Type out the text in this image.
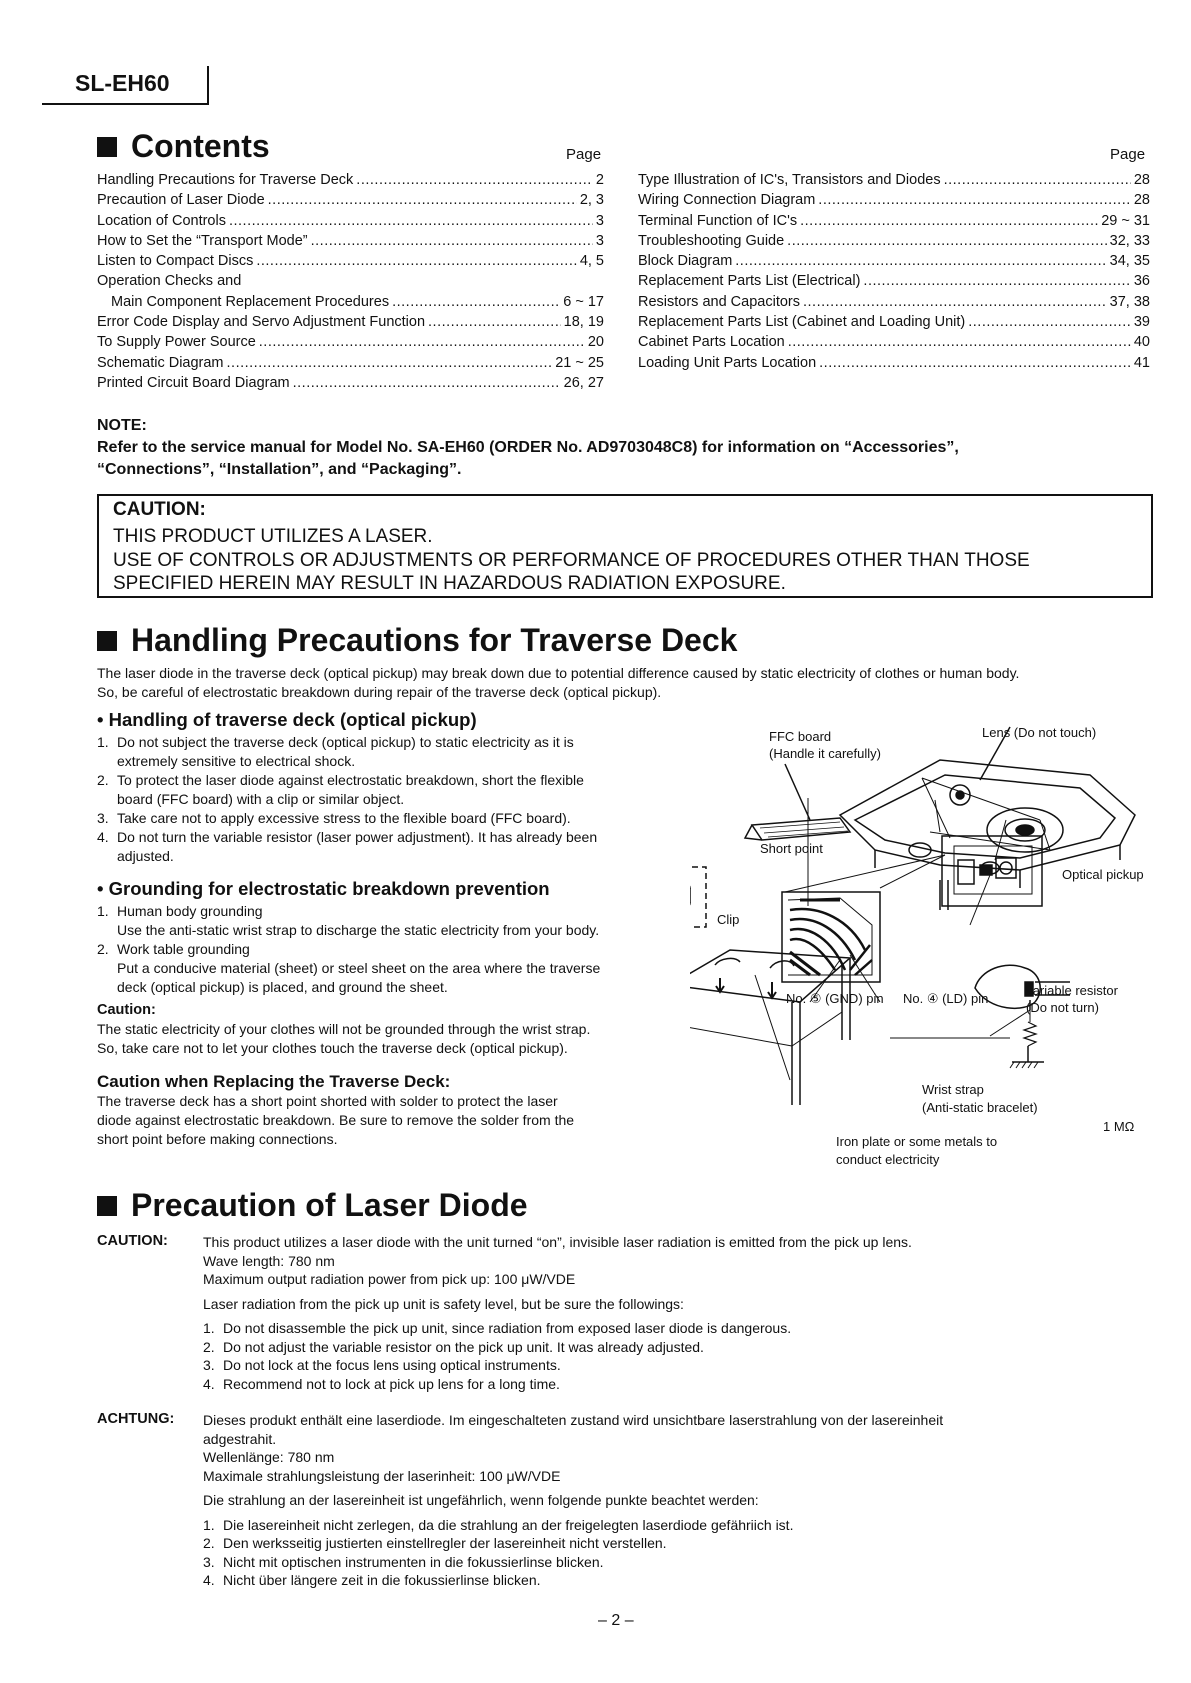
SL-EH60
Contents	Page	Page
Handling Precautions for Traverse Deck .....	2
Precaution of Laser Diode .....	2, 3
Location of Controls .....	3
How to Set the “Transport Mode” .....	3
Listen to Compact Discs .....	4, 5
Operation Checks and
Main Component Replacement Procedures .....	6 ~ 17
Error Code Display and Servo Adjustment Function .....	18, 19
To Supply Power Source .....	20
Schematic Diagram .....	21 ~ 25
Printed Circuit Board Diagram .....	26, 27
Type Illustration of IC's, Transistors and Diodes .....	28
Wiring Connection Diagram .....	28
Terminal Function of IC's .....	29 ~ 31
Troubleshooting Guide .....	32, 33
Block Diagram .....	34, 35
Replacement Parts List (Electrical) .....	36
Resistors and Capacitors .....	37, 38
Replacement Parts List (Cabinet and Loading Unit) .....	39
Cabinet Parts Location .....	40
Loading Unit Parts Location .....	41
NOTE:
Refer to the service manual for Model No. SA-EH60 (ORDER No. AD9703048C8) for information on “Accessories”,
“Connections”, “Installation”, and “Packaging”.
CAUTION:
THIS PRODUCT UTILIZES A LASER.
USE OF CONTROLS OR ADJUSTMENTS OR PERFORMANCE OF PROCEDURES OTHER THAN THOSE
SPECIFIED HEREIN MAY RESULT IN HAZARDOUS RADIATION EXPOSURE.
Handling Precautions for Traverse Deck
The laser diode in the traverse deck (optical pickup) may break down due to potential difference caused by static electricity of clothes or human body.
So, be careful of electrostatic breakdown during repair of the traverse deck (optical pickup).
• Handling of traverse deck (optical pickup)
1. Do not subject the traverse deck (optical pickup) to static electricity as it is
extremely sensitive to electrical shock.
2. To protect the laser diode against electrostatic breakdown, short the flexible
board (FFC board) with a clip or similar object.
3. Take care not to apply excessive stress to the flexible board (FFC board).
4. Do not turn the variable resistor (laser power adjustment). It has already been
adjusted.
• Grounding for electrostatic breakdown prevention
1. Human body grounding
Use the anti-static wrist strap to discharge the static electricity from your body.
2. Work table grounding
Put a conducive material (sheet) or steel sheet on the area where the traverse
deck (optical pickup) is placed, and ground the sheet.
Caution:
The static electricity of your clothes will not be grounded through the wrist strap.
So, take care not to let your clothes touch the traverse deck (optical pickup).
Caution when Replacing the Traverse Deck:
The traverse deck has a short point shorted with solder to protect the laser
diode against electrostatic breakdown. Be sure to remove the solder from the
short point before making connections.
FFC board
(Handle it carefully)
Lens (Do not touch)
Short point
Optical pickup
Clip
No. ⑤ (GND) pin No. ④ (LD) pin
Variable resistor
(Do not turn)
Wrist strap
(Anti-static bracelet)
1 MΩ
Iron plate or some metals to
conduct electricity
Precaution of Laser Diode
CAUTION:	This product utilizes a laser diode with the unit turned “on”, invisible laser radiation is emitted from the pick up lens.
Wave length: 780 nm
Maximum output radiation power from pick up: 100 μW/VDE
Laser radiation from the pick up unit is safety level, but be sure the followings:
1. Do not disassemble the pick up unit, since radiation from exposed laser diode is dangerous.
2. Do not adjust the variable resistor on the pick up unit. It was already adjusted.
3. Do not lock at the focus lens using optical instruments.
4. Recommend not to lock at pick up lens for a long time.
ACHTUNG: Dieses produkt enthält eine laserdiode. Im eingeschalteten zustand wird unsichtbare laserstrahlung von der lasereinheit
adgestrahit.
Wellenlänge: 780 nm
Maximale strahlungsleistung der laserinheit: 100 μW/VDE
Die strahlung an der lasereinheit ist ungefährlich, wenn folgende punkte beachtet werden:
1. Die lasereinheit nicht zerlegen, da die strahlung an der freigelegten laserdiode gefähriich ist.
2. Den werksseitig justierten einstellregler der lasereinheit nicht verstellen.
3. Nicht mit optischen instrumenten in die fokussierlinse blicken.
4. Nicht über längere zeit in die fokussierlinse blicken.
– 2 –
